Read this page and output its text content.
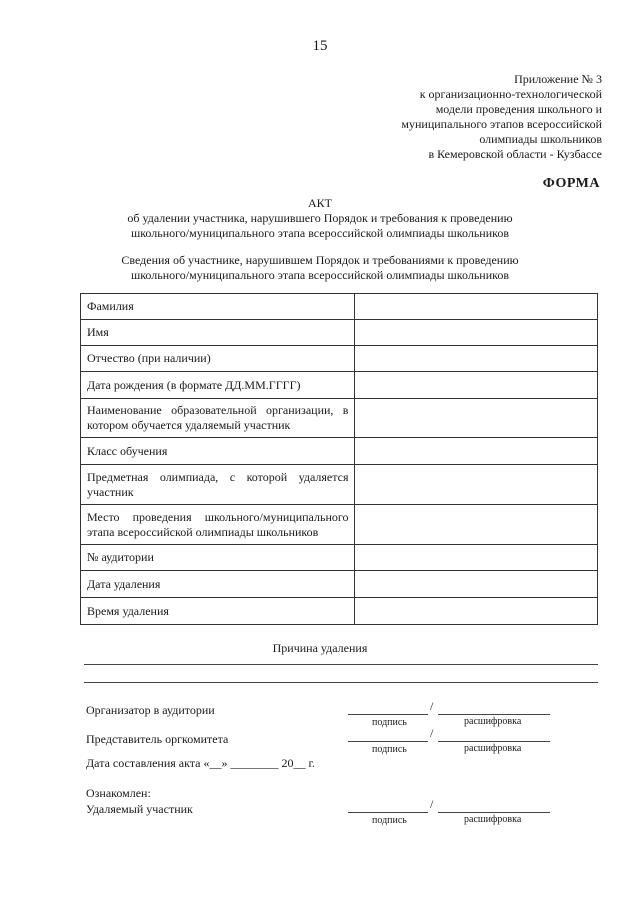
15
Приложение № 3
к организационно-технологической
модели проведения школьного и
муниципального этапов всероссийской
олимпиады школьников
в Кемеровской области - Кузбассе
ФОРМА
АКТ
об удалении участника, нарушившего Порядок и требования к проведению
школьного/муниципального этапа всероссийской олимпиады школьников
Сведения об участнике, нарушившем Порядок и требованиями к проведению
школьного/муниципального этапа всероссийской олимпиады школьников
Фамилия	
Имя	
Отчество (при наличии)	
Дата рождения (в формате ДД.ММ.ГГГГ)	
Наименование образовательной организации, в котором обучается удаляемый участник	
Класс обучения	
Предметная олимпиада, с которой удаляется участник	
Место проведения школьного/муниципального этапа всероссийской олимпиады школьников	
№ аудитории	
Дата удаления	
Время удаления	
Причина удаления
Организатор в аудитории	/
подпись	расшифровка
Представитель оргкомитета	/
подпись	расшифровка
Дата составления акта «__» ________ 20__ г.
Ознакомлен:
Удаляемый участник	/
подпись	расшифровка
